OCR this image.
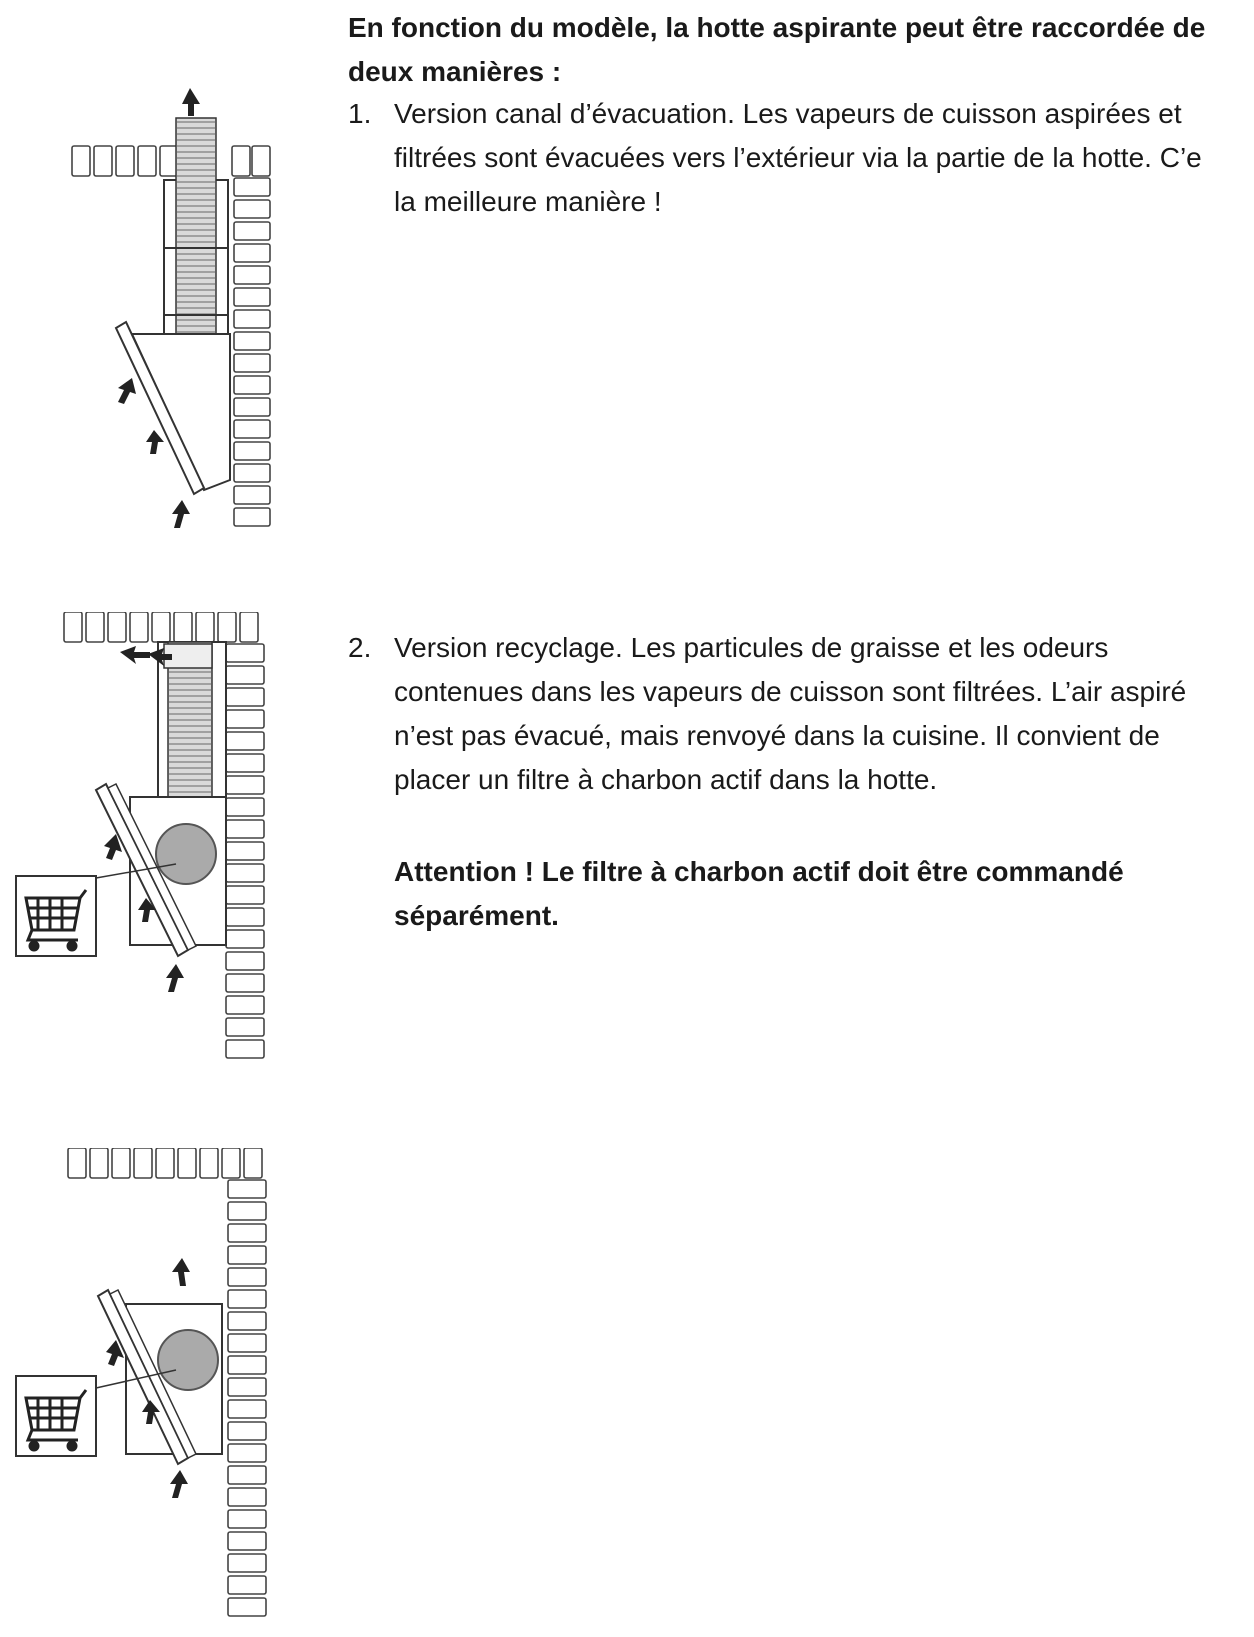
En fonction du modèle, la hotte aspirante peut être raccordée de
deux manières :
1. Version canal d’évacuation. Les vapeurs de cuisson aspirées et
filtrées sont évacuées vers l’extérieur via la partie de la hotte. C’e
la meilleure manière !
2. Version recyclage. Les particules de graisse et les odeurs
contenues dans les vapeurs de cuisson sont filtrées. L’air aspiré
n’est pas évacué, mais renvoyé dans la cuisine. Il convient de
placer un filtre à charbon actif dans la hotte.
Attention ! Le filtre à charbon actif doit être commandé
séparément.
